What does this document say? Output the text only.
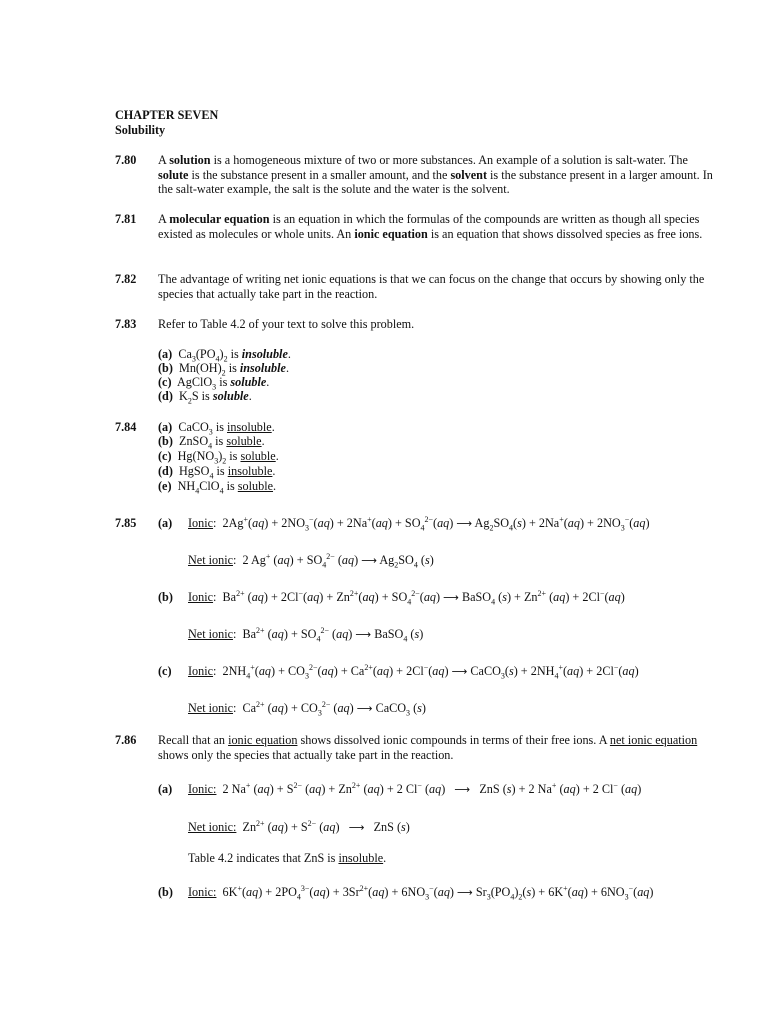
CHAPTER SEVEN
Solubility
7.80 A solution is a homogeneous mixture of two or more substances. An example of a solution is salt-water. The solute is the substance present in a smaller amount, and the solvent is the substance present in a larger amount. In the salt-water example, the salt is the solute and the water is the solvent.
7.81 A molecular equation is an equation in which the formulas of the compounds are written as though all species existed as molecules or whole units. An ionic equation is an equation that shows dissolved species as free ions.
7.82 The advantage of writing net ionic equations is that we can focus on the change that occurs by showing only the species that actually take part in the reaction.
7.83 Refer to Table 4.2 of your text to solve this problem.
(a)  $Ca_3(PO_4)_2$ is insoluble.
(b)  $Mn(OH)_2$ is insoluble.
(c)  AgClO$_3$ is soluble.
(d)  $K_2S$ is soluble.
7.84 (a)  CaCO$_3$ is insoluble.
(b)  ZnSO$_4$ is soluble.
(c)  $Hg(NO_3)_2$ is soluble.
(d)  HgSO$_4$ is insoluble.
(e)  $NH_4ClO_4$ is soluble.
7.85 (a) Ionic:  $2Ag^+(aq) + 2NO_3^-(aq) + 2Na^+(aq) + SO_4^{2-}(aq)$ ⟶ $Ag_2SO_4(s) + 2Na^+(aq) + 2NO_3^-(aq)$
Net ionic:  2 Ag+ $(aq) + SO_4^{2-}$ (aq) ⟶ $Ag_2SO_4$ (s)
(b) Ionic:  $Ba^{2+}$ $(aq) + 2Cl^-(aq) + Zn^{2+}(aq) + SO_4^{2-}(aq)$ ⟶ BaSO$_4$ $(s) + Zn^{2+}$ (aq) + 2Cl−(aq)
Net ionic:  $Ba^{2+}$ $(aq) + SO_4^{2-}$ (aq) ⟶ BaSO$_4$ (s)
(c) Ionic:  $2NH_4^+(aq) + CO_3^{2-}(aq) + Ca^{2+}(aq) + 2Cl^-(aq)$ ⟶ CaCO$_3$(s) + $2NH_4^+(aq) + 2Cl^-(aq)$
Net ionic:  $Ca^{2+}$ $(aq) + CO_3^{2-}$ (aq) ⟶ CaCO$_3$ (s)
7.86 Recall that an ionic equation shows dissolved ionic compounds in terms of their free ions. A net ionic equation shows only the species that actually take part in the reaction.
(a) Ionic:  2 Na+ $(aq) + S^{2-}$ $(aq) + Zn^{2+}$ (aq) + 2 Cl− (aq)   ⟶   ZnS (s) + 2 Na+ (aq) + 2 Cl− (aq)
Net ionic:  $Zn^{2+}$ $(aq) + S^{2-}$ (aq)   ⟶   ZnS (s)
Table 4.2 indicates that ZnS is insoluble.
(b) Ionic:  $6K^+(aq) + 2PO_4^{3-}(aq) + 3Sr^{2+}(aq) + 6NO_3^-(aq)$ ⟶ $Sr_3(PO_4)_2(s) + 6K^+(aq) + 6NO_3^-(aq)$
